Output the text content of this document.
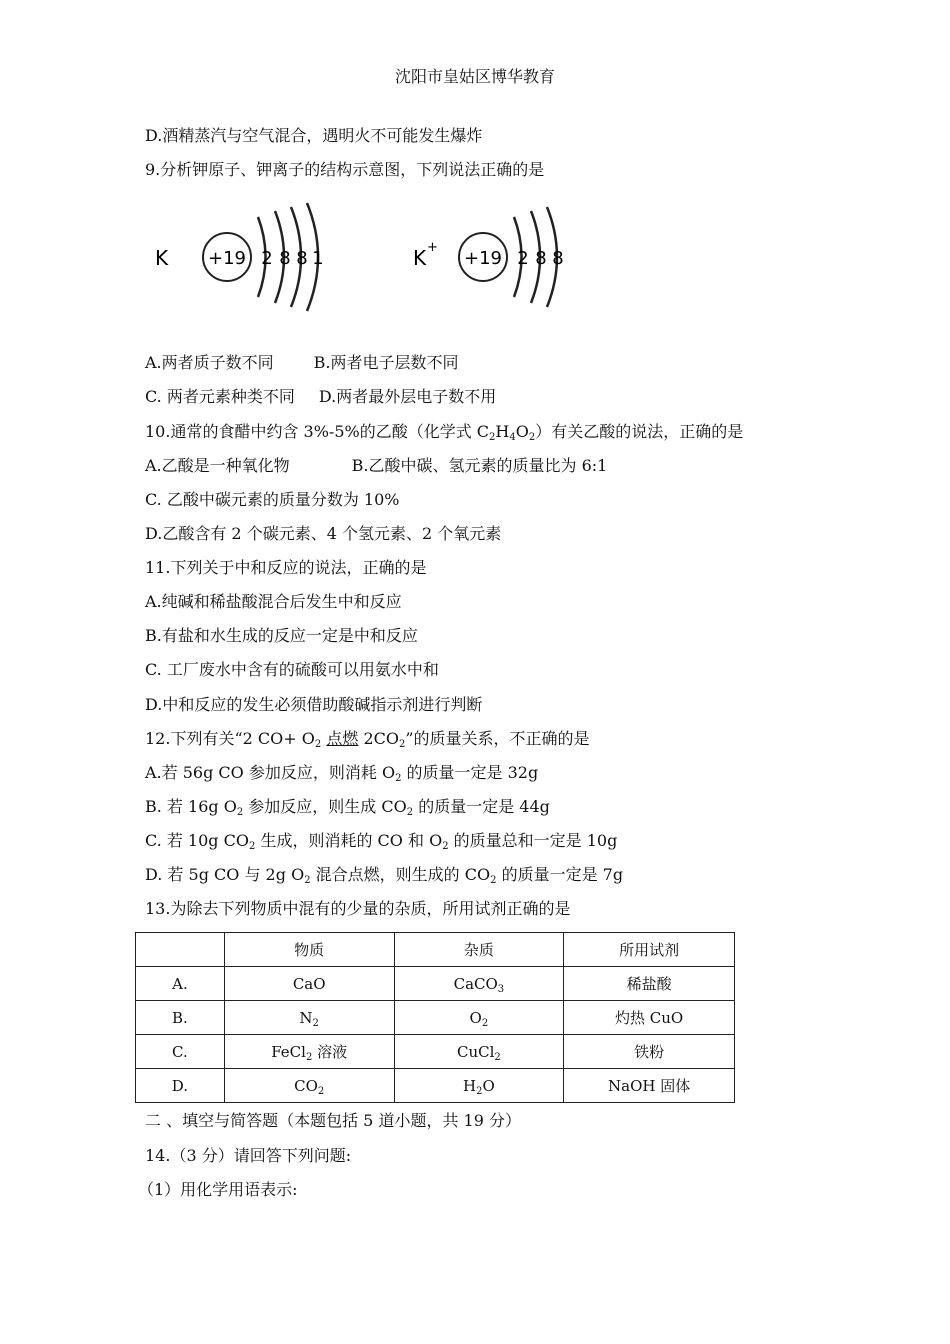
沈阳市皇姑区博华教育
D.酒精蒸汽与空气混合，遇明火不可能发生爆炸
9.分析钾原子、钾离子的结构示意图，下列说法正确的是
K +19 2 8 8 1	K +
+19 2 8 8
A.两者质子数不同	B.两者电子层数不同
C. 两者元素种类不同 D.两者最外层电子数不用
10.通常的食醋中约含 3%-5%的乙酸（化学式 $C_2H_4O_2$）有关乙酸的说法，正确的是
A.乙酸是一种氧化物	B.乙酸中碳、氢元素的质量比为 6:1
C. 乙酸中碳元素的质量分数为 10%
D.乙酸含有 2 个碳元素、4 个氢元素、2 个氧元素
11.下列关于中和反应的说法，正确的是
A.纯碱和稀盐酸混合后发生中和反应
B.有盐和水生成的反应一定是中和反应
C. 工厂废水中含有的硫酸可以用氨水中和
D.中和反应的发生必须借助酸碱指示剂进行判断
12.下列有关“2 $CO+ O_2$ 点燃 $2CO_2$”的质量关系，不正确的是
A.若 56g CO 参加反应，则消耗 $O_2$ 的质量一定是 32g
B. 若 16g $O_2$ 参加反应，则生成 $CO_2$ 的质量一定是 44g
C. 若 10g $CO_2$ 生成，则消耗的 CO 和 $O_2$ 的质量总和一定是 10g
D. 若 5g CO 与 2g $O_2$ 混合点燃，则生成的 $CO_2$ 的质量一定是 7g
13.为除去下列物质中混有的少量的杂质，所用试剂正确的是
	物质	杂质	所用试剂
A.	CaO	CaCO$_3$	稀盐酸
B.	$N_2$	$O_2$	灼热 CuO
C.	FeCl$_2$ 溶液	CuCl$_2$	铁粉
D.	$CO_2$	$H_2O$	NaOH 固体
二 、填空与简答题（本题包括 5 道小题，共 19 分）
14.（3 分）请回答下列问题:
（1）用化学用语表示:
